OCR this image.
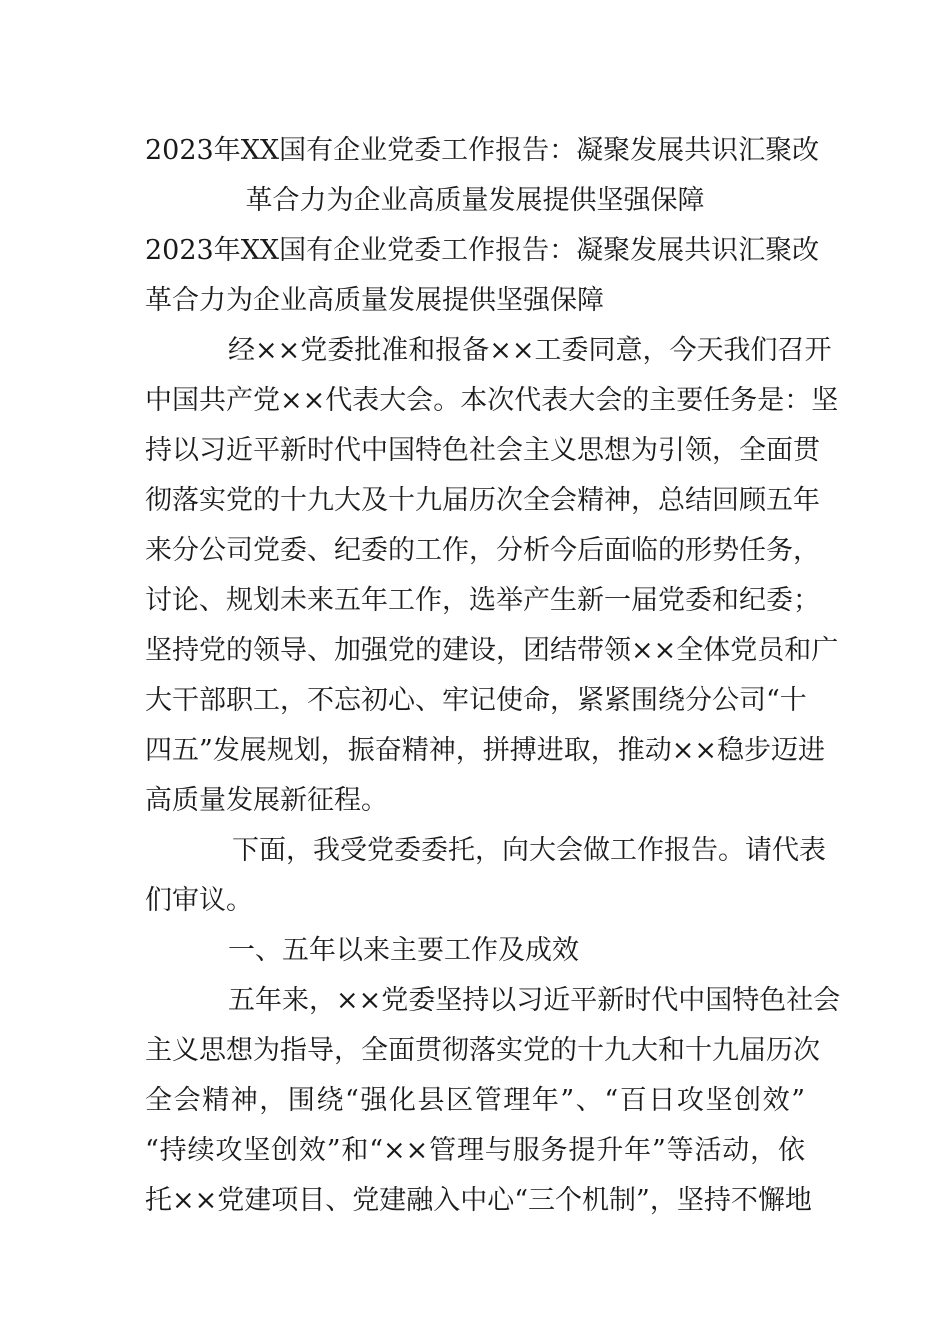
2023年XX国有企业党委工作报告：凝聚发展共识汇聚改
革合力为企业高质量发展提供坚强保障
2023年XX国有企业党委工作报告：凝聚发展共识汇聚改
革合力为企业高质量发展提供坚强保障
经××党委批准和报备××工委同意，今天我们召开
中国共产党××代表大会。本次代表大会的主要任务是：坚
持以习近平新时代中国特色社会主义思想为引领，全面贯
彻落实党的十九大及十九届历次全会精神，总结回顾五年
来分公司党委、纪委的工作，分析今后面临的形势任务，
讨论、规划未来五年工作，选举产生新一届党委和纪委；
坚持党的领导、加强党的建设，团结带领××全体党员和广
大干部职工，不忘初心、牢记使命，紧紧围绕分公司“十
四五”发展规划，振奋精神，拼搏进取，推动××稳步迈进
高质量发展新征程。
下面，我受党委委托，向大会做工作报告。请代表
们审议。
一、五年以来主要工作及成效
五年来，××党委坚持以习近平新时代中国特色社会
主义思想为指导，全面贯彻落实党的十九大和十九届历次
全会精神，围绕“强化县区管理年”、“百日攻坚创效”
“持续攻坚创效”和“××管理与服务提升年”等活动，依
托××党建项目、党建融入中心“三个机制”，坚持不懈地
